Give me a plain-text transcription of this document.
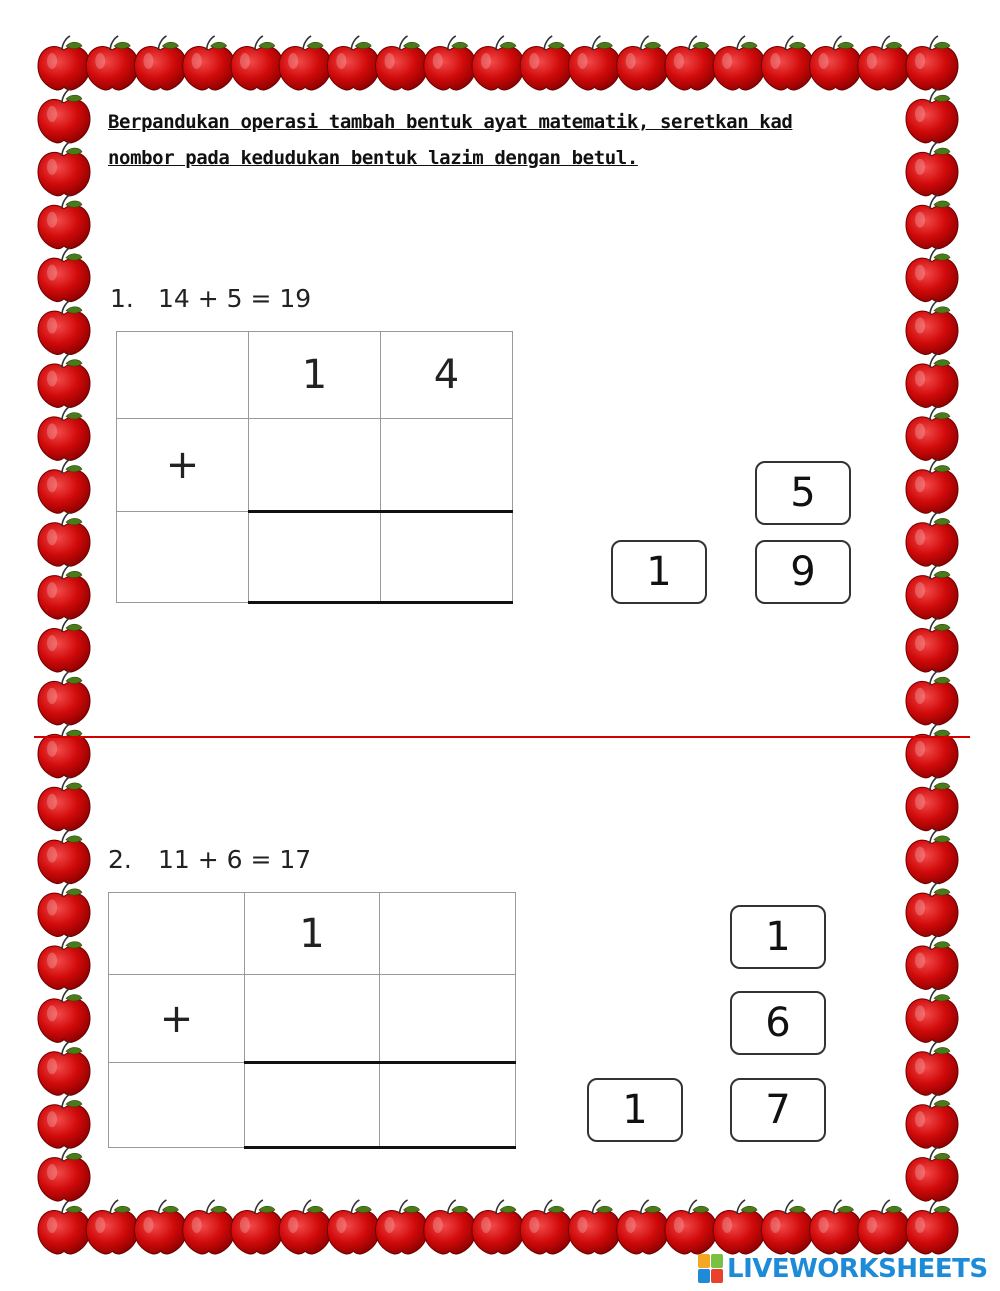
Berpandukan operasi tambah bentuk ayat matematik, seretkan kad nombor pada kedudukan bentuk lazim dengan betul.

1. 14 + 5 = 19
	1	4
+		

5
1	9
2. 11 + 6 = 17
	1	
+		

1
6
1	7
LIVEWORKSHEETS
